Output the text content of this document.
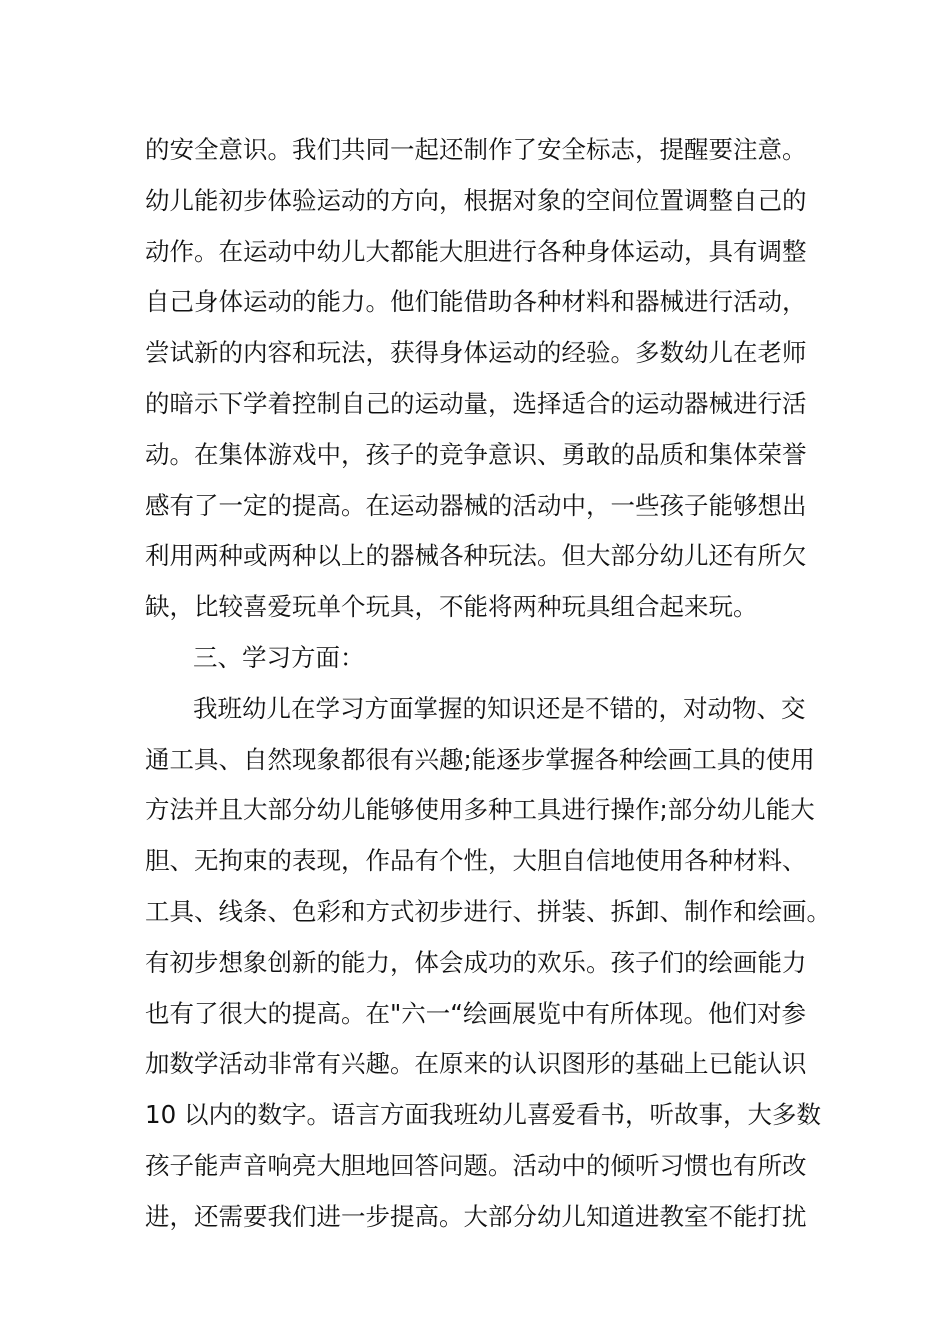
的安全意识。我们共同一起还制作了安全标志，提醒要注意。
幼儿能初步体验运动的方向，根据对象的空间位置调整自己的
动作。在运动中幼儿大都能大胆进行各种身体运动，具有调整
自己身体运动的能力。他们能借助各种材料和器械进行活动，
尝试新的内容和玩法，获得身体运动的经验。多数幼儿在老师
的暗示下学着控制自己的运动量，选择适合的运动器械进行活
动。在集体游戏中，孩子的竞争意识、勇敢的品质和集体荣誉
感有了一定的提高。在运动器械的活动中，一些孩子能够想出
利用两种或两种以上的器械各种玩法。但大部分幼儿还有所欠
缺，比较喜爱玩单个玩具，不能将两种玩具组合起来玩。
三、学习方面：
我班幼儿在学习方面掌握的知识还是不错的，对动物、交
通工具、自然现象都很有兴趣;能逐步掌握各种绘画工具的使用
方法并且大部分幼儿能够使用多种工具进行操作;部分幼儿能大
胆、无拘束的表现，作品有个性，大胆自信地使用各种材料、
工具、线条、色彩和方式初步进行、拼装、拆卸、制作和绘画。
有初步想象创新的能力，体会成功的欢乐。孩子们的绘画能力
也有了很大的提高。在"六一“绘画展览中有所体现。他们对参
加数学活动非常有兴趣。在原来的认识图形的基础上已能认识
10 以内的数字。语言方面我班幼儿喜爱看书，听故事，大多数
孩子能声音响亮大胆地回答问题。活动中的倾听习惯也有所改
进，还需要我们进一步提高。大部分幼儿知道进教室不能打扰
